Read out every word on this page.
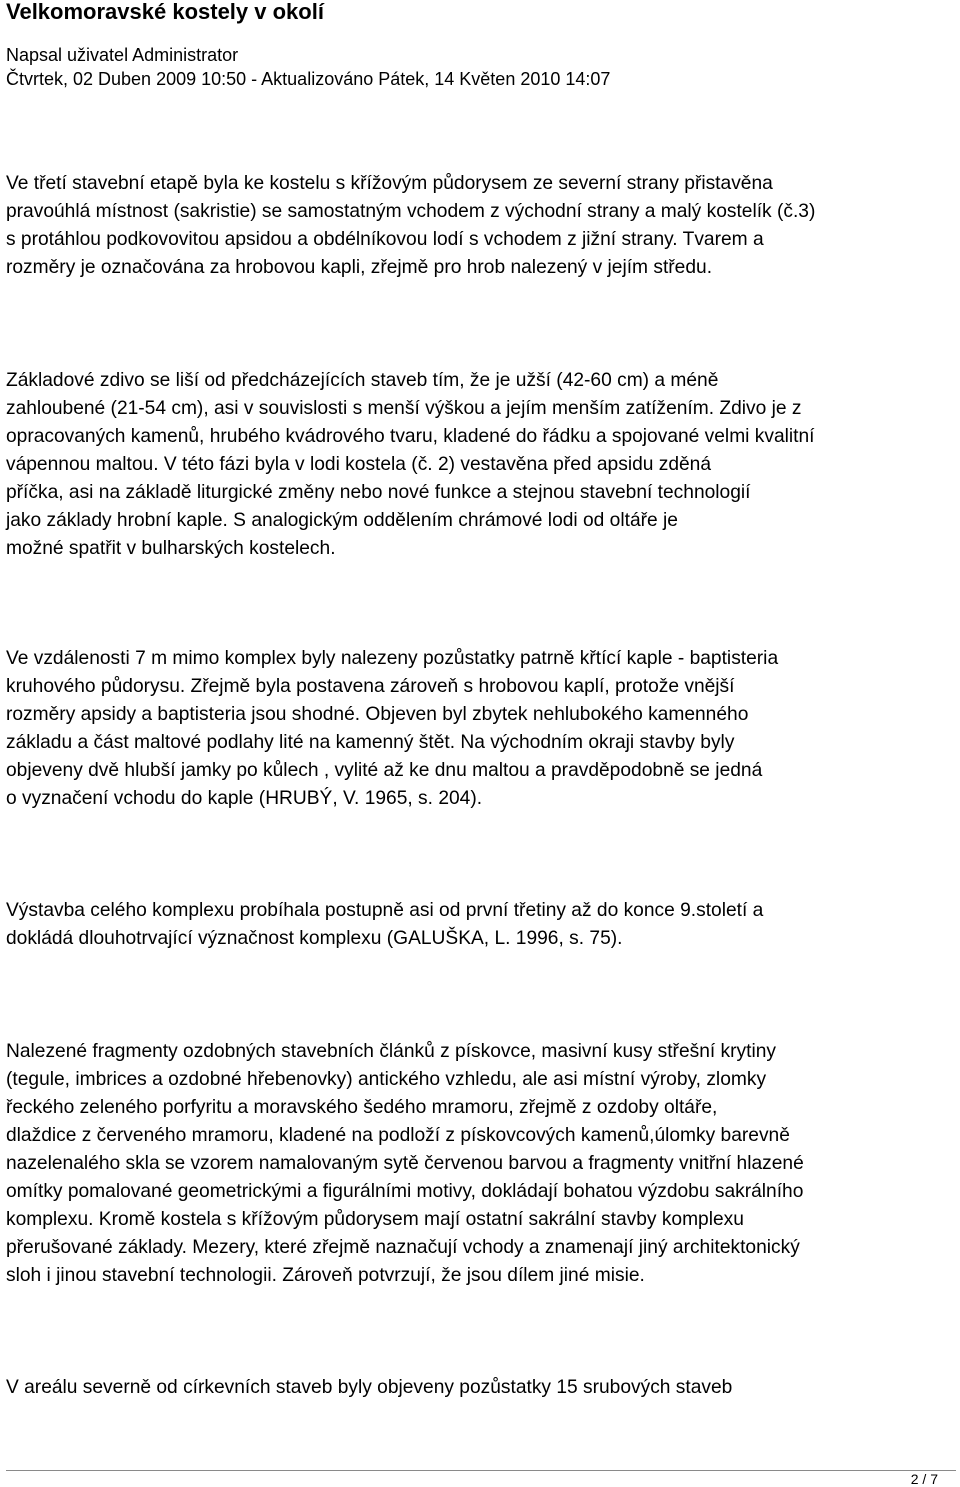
Velkomoravské kostely v okolí
Napsal uživatel Administrator
Čtvrtek, 02 Duben 2009 10:50 - Aktualizováno Pátek, 14 Květen 2010 14:07

Ve třetí stavební etapě byla ke kostelu s křížovým půdorysem ze severní strany přistavěna
pravoúhlá místnost (sakristie) se samostatným vchodem z východní strany a malý kostelík (č.3)
s protáhlou podkovovitou apsidou a obdélníkovou lodí s vchodem z jižní strany. Tvarem a
rozměry je označována za hrobovou kapli, zřejmě pro hrob nalezený v jejím středu.

Základové zdivo se liší od předcházejících staveb tím, že je užší (42-60 cm) a méně
zahloubené (21-54 cm), asi v souvislosti s menší výškou a jejím menším zatížením. Zdivo je z
opracovaných kamenů, hrubého kvádrového tvaru, kladené do řádku a spojované velmi kvalitní
vápennou maltou. V této fázi byla v lodi kostela (č. 2) vestavěna před apsidu zděná
příčka, asi na základě liturgické změny nebo nové funkce a stejnou stavební technologií
jako základy hrobní kaple. S analogickým oddělením chrámové lodi od oltáře je
možné spatřit v bulharských kostelech.

Ve vzdálenosti 7 m mimo komplex byly nalezeny pozůstatky patrně křtící kaple - baptisteria
kruhového půdorysu. Zřejmě byla postavena zároveň s hrobovou kaplí, protože vnější
rozměry apsidy a baptisteria jsou shodné. Objeven byl zbytek nehlubokého kamenného
základu a část maltové podlahy lité na kamenný štět. Na východním okraji stavby byly
objeveny dvě hlubší jamky po kůlech , vylité až ke dnu maltou a pravděpodobně se jedná
o vyznačení vchodu do kaple (HRUBÝ, V. 1965, s. 204).

Výstavba celého komplexu probíhala postupně asi od první třetiny až do konce 9.století a
dokládá dlouhotrvající význačnost komplexu (GALUŠKA, L. 1996, s. 75).

Nalezené fragmenty ozdobných stavebních článků z pískovce, masivní kusy střešní krytiny
(tegule, imbrices a ozdobné hřebenovky) antického vzhledu, ale asi místní výroby, zlomky
řeckého zeleného porfyritu a moravského šedého mramoru, zřejmě z ozdoby oltáře,
dlaždice z červeného mramoru, kladené na podloží z pískovcových kamenů,úlomky barevně
nazelenalého skla se vzorem namalovaným sytě červenou barvou a fragmenty vnitřní hlazené
omítky pomalované geometrickými a figurálními motivy, dokládají bohatou výzdobu sakrálního
komplexu. Kromě kostela s křížovým půdorysem mají ostatní sakrální stavby komplexu
přerušované základy. Mezery, které zřejmě naznačují vchody a znamenají jiný architektonický
sloh i jinou stavební technologii. Zároveň potvrzují, že jsou dílem jiné misie.

V areálu severně od církevních staveb byly objeveny pozůstatky 15 srubových staveb

2 / 7
